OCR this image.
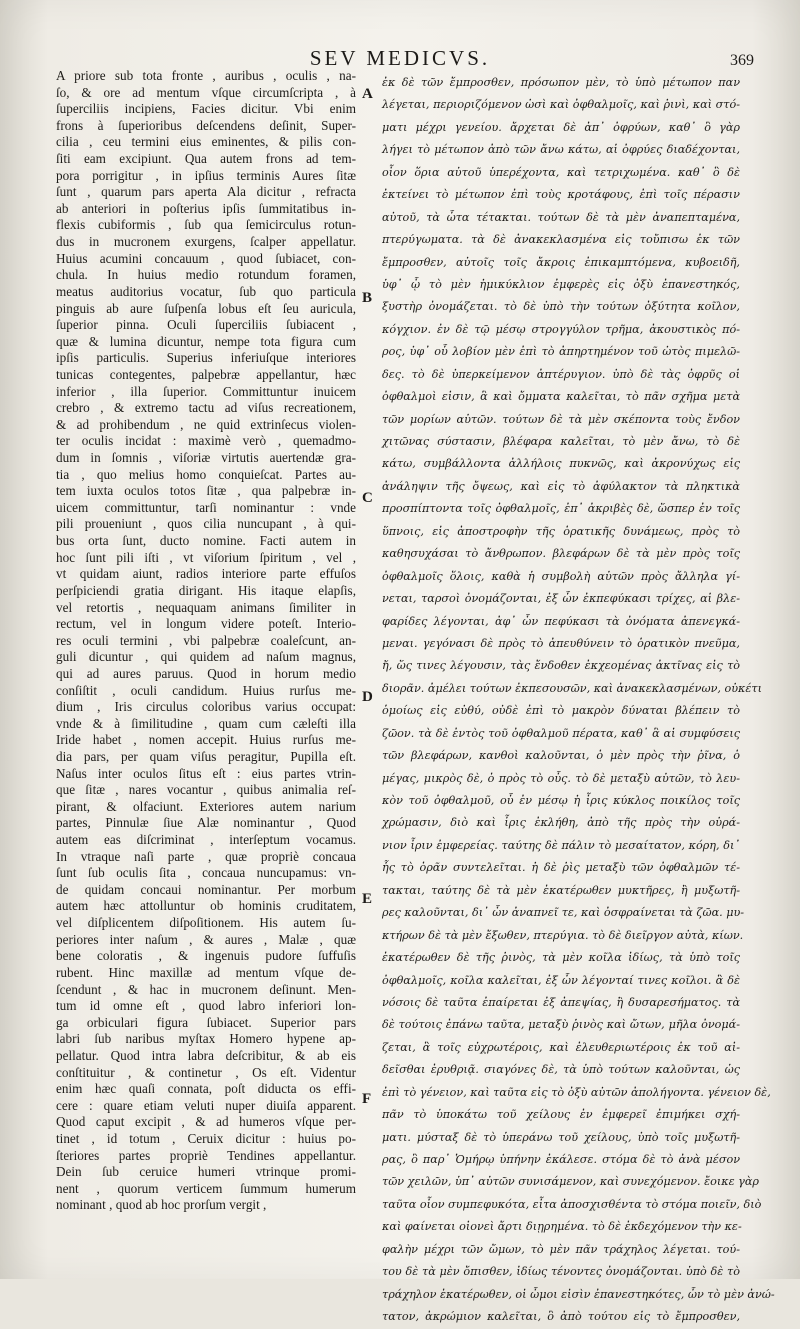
SEV MEDICVS.	369
A priore sub tota fronte , auribus , oculis , na-
ſo, & ore ad mentum vſque circumſcripta , à
ſuperciliis incipiens, Facies dicitur. Vbi enim
frons à ſuperioribus deſcendens deſinit, Super-
cilia , ceu termini eius eminentes, & pilis con-
ſiti eam excipiunt. Qua autem frons ad tem-
pora porrigitur , in ipſius terminis Aures ſitæ
ſunt , quarum pars aperta Ala dicitur , refracta
ab anteriori in poſterius ipſis ſummitatibus in-
flexis cubiformis , ſub qua ſemicirculus rotun-
dus in mucronem exurgens, ſcalper appellatur.
Huius acumini concauum , quod ſubiacet, con-
chula. In huius medio rotundum foramen,
meatus auditorius vocatur, ſub quo particula
pinguis ab aure ſuſpenſa lobus eſt ſeu auricula,
ſuperior pinna. Oculi ſuperciliis ſubiacent ,
quæ & lumina dicuntur, nempe tota figura cum
ipſis particulis. Superius inferiuſque interiores
tunicas contegentes, palpebræ appellantur, hæc
inferior , illa ſuperior. Committuntur inuicem
crebro , & extremo tactu ad viſus recreationem,
& ad prohibendum , ne quid extrinſecus violen-
ter oculis incidat : maximè verò , quemadmo-
dum in ſomnis , viſoriæ virtutis auertendæ gra-
tia , quo melius homo conquieſcat. Partes au-
tem iuxta oculos totos ſitæ , qua palpebræ in-
uicem committuntur, tarſi nominantur : vnde
pili proueniunt , quos cilia nuncupant , à qui-
bus orta ſunt, ducto nomine. Facti autem in
hoc ſunt pili iſti , vt viſorium ſpiritum , vel ,
vt quidam aiunt, radios interiore parte effuſos
perſpiciendi gratia dirigant. His itaque elapſis,
vel retortis , nequaquam animans ſimiliter in
rectum, vel in longum videre poteſt. Interio-
res oculi termini , vbi palpebræ coaleſcunt, an-
guli dicuntur , qui quidem ad naſum magnus,
qui ad aures paruus. Quod in horum medio
conſiſtit , oculi candidum. Huius rurſus me-
dium , Iris circulus coloribus varius occupat:
vnde & à ſimilitudine , quam cum cæleſti illa
Iride habet , nomen accepit. Huius rurſus me-
dia pars, per quam viſus peragitur, Pupilla eſt.
Naſus inter oculos ſitus eſt : eius partes vtrin-
que ſitæ , nares vocantur , quibus animalia reſ-
pirant, & olfaciunt. Exteriores autem narium
partes, Pinnulæ ſiue Alæ nominantur , Quod
autem eas diſcriminat , interſeptum vocamus.
In vtraque naſi parte , quæ propriè concaua
ſunt ſub oculis ſita , concaua nuncupamus: vn-
de quidam concaui nominantur. Per morbum
autem hæc attolluntur ob hominis cruditatem,
vel diſplicentem diſpoſitionem. His autem ſu-
periores inter naſum , & aures , Malæ , quæ
bene coloratis , & ingenuis pudore ſuffuſis
rubent. Hinc maxillæ ad mentum vſque de-
ſcendunt , & hac in mucronem deſinunt. Men-
tum id omne eſt , quod labro inferiori lon-
ga orbiculari figura ſubiacet. Superior pars
labri ſub naribus myſtax Homero hypene ap-
pellatur. Quod intra labra deſcribitur, & ab eis
conſtituitur , & continetur , Os eſt. Videntur
enim hæc quaſi connata, poſt diducta os effi-
cere : quare etiam veluti nuper diuiſa apparent.
Quod caput excipit , & ad humeros vſque per-
tinet , id totum , Ceruix dicitur : huius po-
ſteriores partes propriè Tendines appellantur.
Dein ſub ceruice humeri vtrinque promi-
nent , quorum verticem ſummum humerum
nominant , quod ab hoc prorſum vergit ,
A
B
C
D
E
F
ἐκ δὲ τῶν ἔμπροσθεν, πρόσωπον μὲν, τὸ ὑπὸ μέτωπον παν
λέγεται, περιοριζόμενον ὡσὶ καὶ ὀφθαλμοῖς, καὶ ῥινὶ, καὶ στό-
ματι μέχρι γενείου. ἄρχεται δὲ ἀπ᾽ ὀφρύων, καθ᾽ ὃ γὰρ
λήγει τὸ μέτωπον ἀπὸ τῶν ἄνω κάτω, αἱ ὀφρύες διαδέχονται,
οἷον ὅρια αὐτοῦ ὑπερέχοντα, καὶ τετριχωμένα. καθ᾽ ὃ δὲ
ἐκτείνει τὸ μέτωπον ἐπὶ τοὺς κροτάφους, ἐπὶ τοῖς πέρασιν
αὐτοῦ, τὰ ὦτα τέτακται. τούτων δὲ τὰ μὲν ἀναπεπταμένα,
πτερύγωματα. τὰ δὲ ἀνακεκλασμένα εἰς τοὔπισω ἐκ τῶν
ἔμπροσθεν, αὐτοῖς τοῖς ἄκροις ἐπικαμπτόμενα, κυβοειδῆ,
ὑφ᾽ ᾧ τὸ μὲν ἡμικύκλιον ἐμφερὲς εἰς ὀξὺ ἐπανεστηκός,
ξυστὴρ ὀνομάζεται. τὸ δὲ ὑπὸ τὴν τούτων ὀξύτητα κοῖλον,
κόγχιον. ἐν δὲ τῷ μέσῳ στρογγύλον τρῆμα, ἀκουστικὸς πό-
ρος, ὑφ᾽ οὗ λοβίον μὲν ἐπὶ τὸ ἀπηρτημένον τοῦ ὠτὸς πιμελῶ-
δες. τὸ δὲ ὑπερκείμενον ἀπτέρυγιον. ὑπὸ δὲ τὰς ὀφρῦς οἱ
ὀφθαλμοὶ εἰσιν, ἃ καὶ ὄμματα καλεῖται, τὸ πᾶν σχῆμα μετὰ
τῶν μορίων αὐτῶν. τούτων δὲ τὰ μὲν σκέποντα τοὺς ἔνδον
χιτῶνας σύστασιν, βλέφαρα καλεῖται, τὸ μὲν ἄνω, τὸ δὲ
κάτω, συμβάλλοντα ἀλλήλοις πυκνῶς, καὶ ἀκρονύχως εἰς
ἀνάληψιν τῆς ὄψεως, καὶ εἰς τὸ ἀφύλακτον τὰ πληκτικὰ
προσπίπτοντα τοῖς ὀφθαλμοῖς, ἐπ᾽ ἀκριβὲς δὲ, ὥσπερ ἐν τοῖς
ὕπνοις, εἰς ἀποστροφὴν τῆς ὁρατικῆς δυνάμεως, πρὸς τὸ
καθησυχάσαι τὸ ἄνθρωπον. βλεφάρων δὲ τὰ μὲν πρὸς τοῖς
ὀφθαλμοῖς ὅλοις, καθὰ ἡ συμβολὴ αὐτῶν πρὸς ἄλληλα γί-
νεται, ταρσοὶ ὀνομάζονται, ἐξ ὧν ἐκπεφύκασι τρίχες, αἱ βλε-
φαρίδες λέγονται, ἀφ᾽ ὧν πεφύκασι τὰ ὀνόματα ἀπενεγκά-
μεναι. γεγόνασι δὲ πρὸς τὸ ἀπευθύνειν τὸ ὁρατικὸν πνεῦμα,
ἤ, ὥς τινες λέγουσιν, τὰς ἔνδοθεν ἐκχεομένας ἀκτῖνας εἰς τὸ
διορᾶν. ἀμέλει τούτων ἐκπεσουσῶν, καὶ ἀνακεκλασμένων, οὐκέτι
ὁμοίως εἰς εὐθύ, οὐδὲ ἐπὶ τὸ μακρὸν δύναται βλέπειν τὸ
ζῶον. τὰ δὲ ἐντὸς τοῦ ὀφθαλμοῦ πέρατα, καθ᾽ ἃ αἱ συμφύσεις
τῶν βλεφάρων, κανθοὶ καλοῦνται, ὁ μὲν πρὸς τὴν ῥῖνα, ὁ
μέγας, μικρὸς δὲ, ὁ πρὸς τὸ οὖς. τὸ δὲ μεταξὺ αὐτῶν, τὸ λευ-
κὸν τοῦ ὀφθαλμοῦ, οὗ ἐν μέσῳ ἡ ἶρις κύκλος ποικίλος τοῖς
χρώμασιν, διὸ καὶ ἶρις ἐκλήθη, ἀπὸ τῆς πρὸς τὴν οὐρά-
νιον ἶριν ἐμφερείας. ταύτης δὲ πάλιν τὸ μεσαίτατον, κόρη, δι᾽
ἧς τὸ ὁρᾶν συντελεῖται. ἡ δὲ ῥὶς μεταξὺ τῶν ὀφθαλμῶν τέ-
τακται, ταύτης δὲ τὰ μὲν ἑκατέρωθεν μυκτῆρες, ἢ μυξωτῆ-
ρες καλοῦνται, δι᾽ ὧν ἀναπνεῖ τε, καὶ ὀσφραίνεται τὰ ζῶα. μυ-
κτήρων δὲ τὰ μὲν ἔξωθεν, πτερύγια. τὸ δὲ διεῖργον αὐτὰ, κίων.
ἑκατέρωθεν δὲ τῆς ῥινὸς, τὰ μὲν κοῖλα ἰδίως, τὰ ὑπὸ τοῖς
ὀφθαλμοῖς, κοῖλα καλεῖται, ἐξ ὧν λέγονταί τινες κοῖλοι. ἃ δὲ
νόσοις δὲ ταῦτα ἐπαίρεται ἐξ ἀπεψίας, ἢ δυσαρεσήματος. τὰ
δὲ τούτοις ἐπάνω ταῦτα, μεταξὺ ῥινὸς καὶ ὤτων, μῆλα ὀνομά-
ζεται, ἃ τοῖς εὐχρωτέροις, καὶ ἐλευθεριωτέροις ἐκ τοῦ αἰ-
δεῖσθαι ἐρυθριᾷ. σιαγόνες δὲ, τὰ ὑπὸ τούτων καλοῦνται, ὡς
ἐπὶ τὸ γένειον, καὶ ταῦτα εἰς τὸ ὀξὺ αὐτῶν ἀπολήγοντα. γένειον δὲ,
πᾶν τὸ ὑποκάτω τοῦ χείλους ἐν ἐμφερεῖ ἐπιμήκει σχή-
ματι. μύσταξ δὲ τὸ ὑπεράνω τοῦ χείλους, ὑπὸ τοῖς μυξωτῆ-
ρας, ὃ παρ᾽ Ὁμήρῳ ὑπήνην ἐκάλεσε. στόμα δὲ τὸ ἀνὰ μέσον
τῶν χειλῶν, ὑπ᾽ αὐτῶν συνισάμενον, καὶ συνεχόμενον. ἔοικε γὰρ
ταῦτα οἷον συμπεφυκότα, εἶτα ἀποσχισθέντα τὸ στόμα ποιεῖν, διὸ
καὶ φαίνεται οἱονεὶ ἄρτι διῃρημένα. τὸ δὲ ἐκδεχόμενον τὴν κε-
φαλὴν μέχρι τῶν ὤμων, τὸ μὲν πᾶν τράχηλος λέγεται. τού-
του δὲ τὰ μὲν ὄπισθεν, ἰδίως τένοντες ὀνομάζονται. ὑπὸ δὲ τὸ
τράχηλον ἑκατέρωθεν, οἱ ὦμοι εἰσὶν ἐπανεστηκότες, ὧν τὸ μὲν ἀνώ-
τατον, ἀκρώμιον καλεῖται, ὃ ἀπὸ τούτου εἰς τὸ ἔμπροσθεν,
